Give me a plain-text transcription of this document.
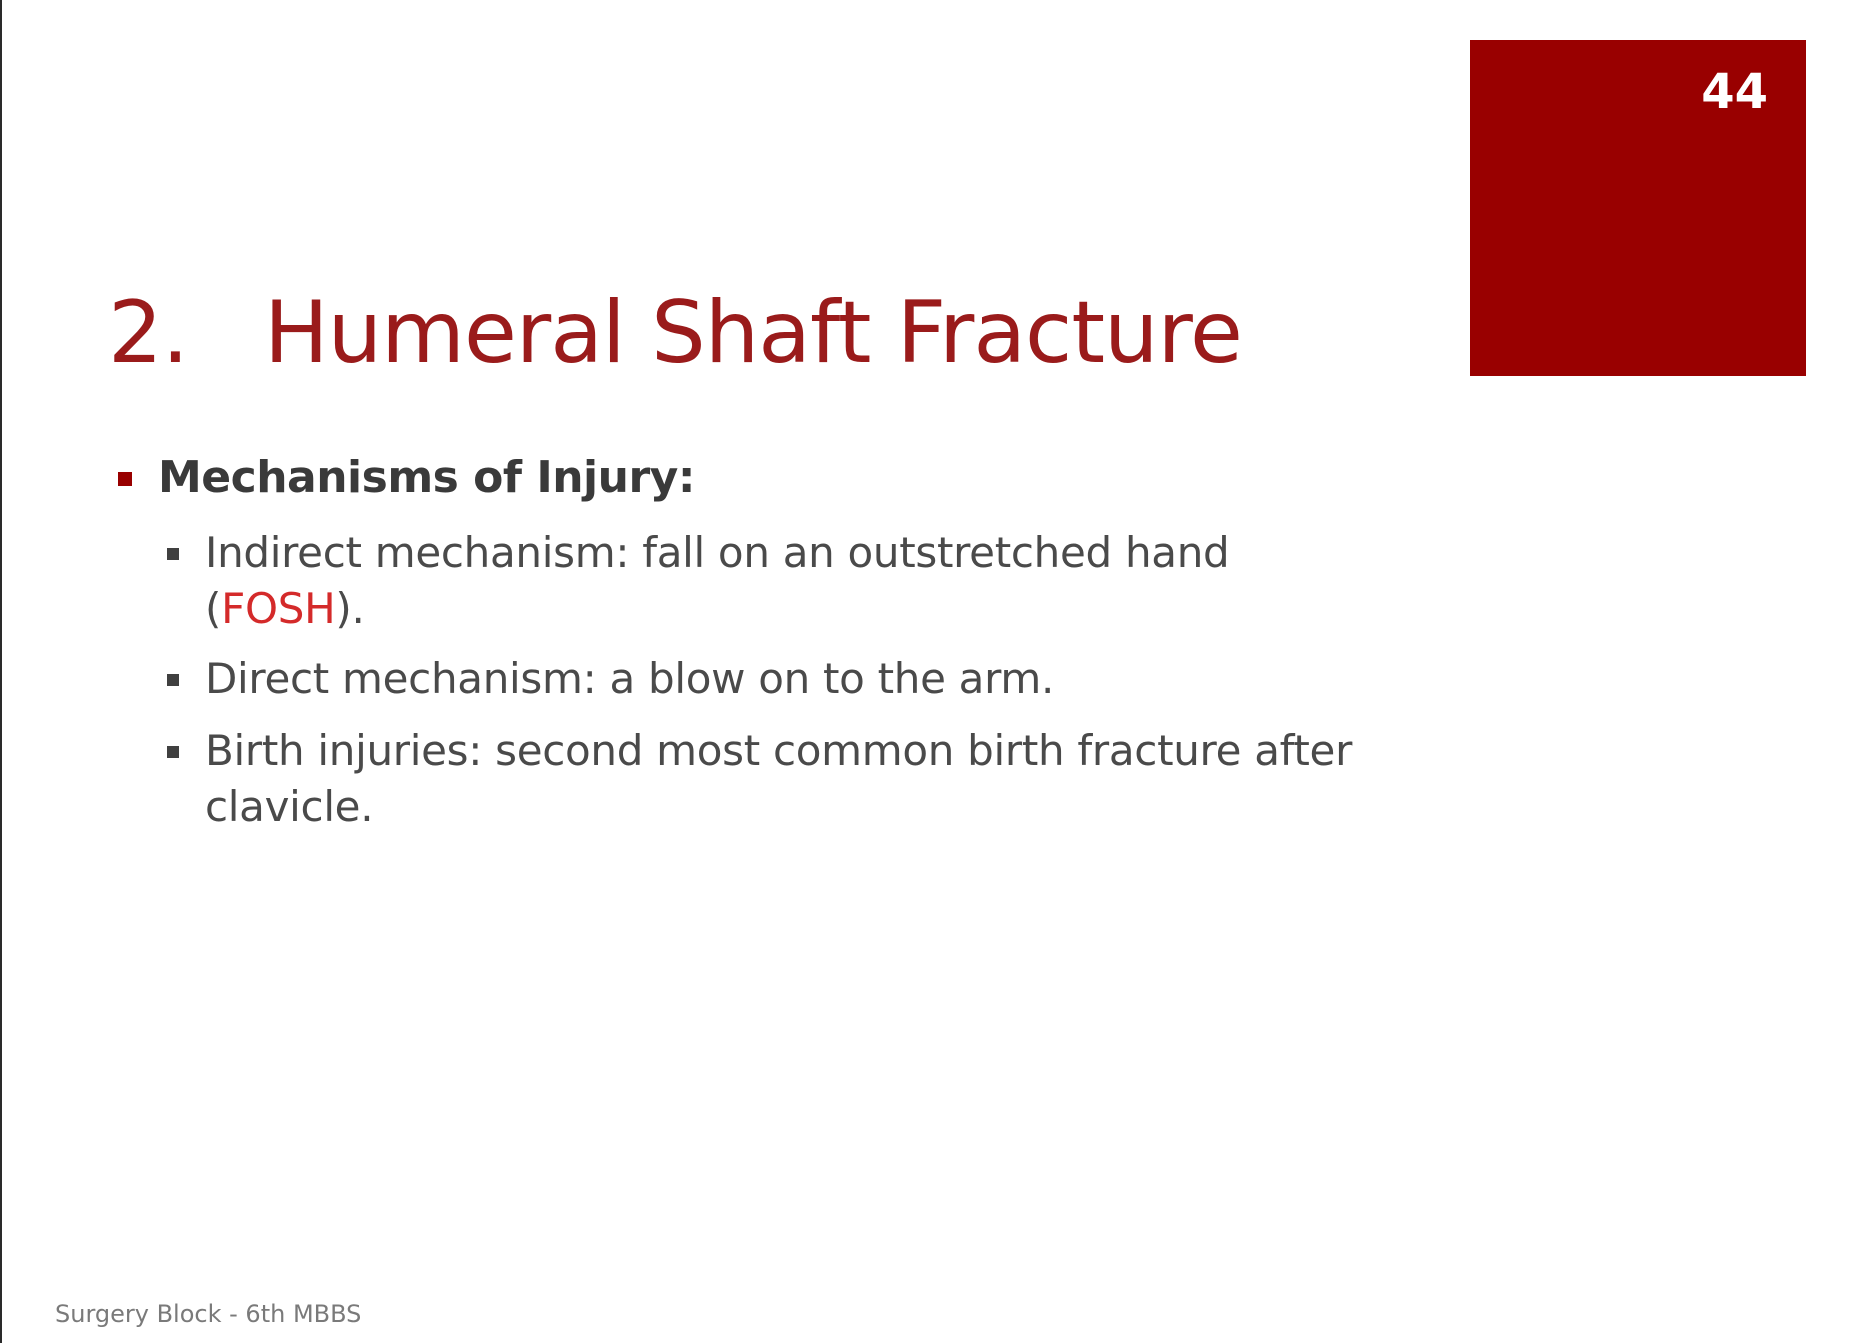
44
2. Humeral Shaft Fracture
Mechanisms of Injury:
Indirect mechanism: fall on an outstretched hand (FOSH).
Direct mechanism: a blow on to the arm.
Birth injuries: second most common birth fracture after clavicle.
Surgery Block - 6th MBBS
